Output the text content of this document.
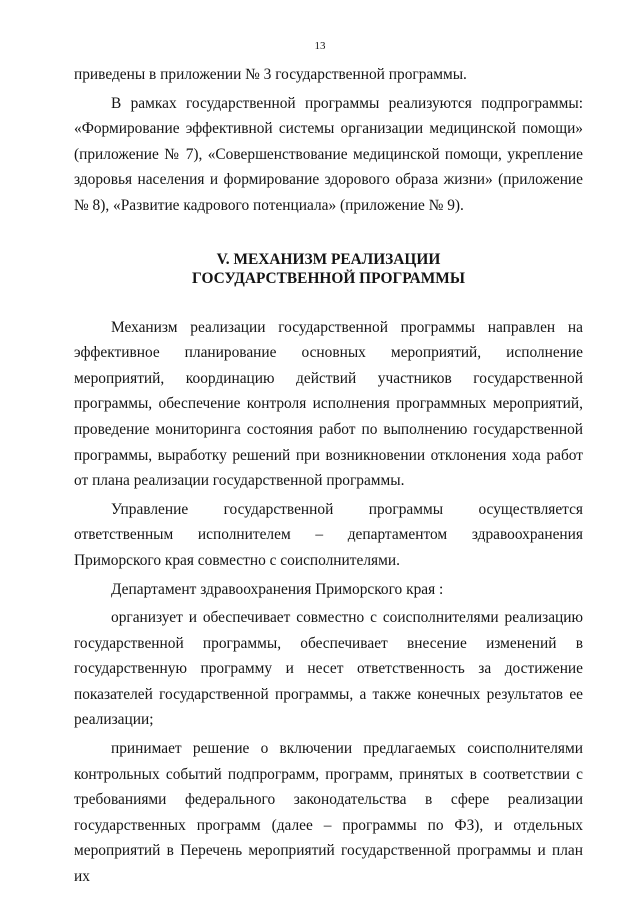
13

приведены в приложении № 3 государственной программы.

В рамках государственной программы реализуются подпрограммы: «Формирование эффективной системы организации медицинской помощи» (приложение № 7), «Совершенствование медицинской помощи, укрепление здоровья населения и формирование здорового образа жизни» (приложение № 8), «Развитие кадрового потенциала» (приложение № 9).

V. МЕХАНИЗМ РЕАЛИЗАЦИИ
ГОСУДАРСТВЕННОЙ ПРОГРАММЫ

Механизм реализации государственной программы направлен на эффективное планирование основных мероприятий, исполнение мероприятий, координацию действий участников государственной программы, обеспечение контроля исполнения программных мероприятий, проведение мониторинга состояния работ по выполнению государственной программы, выработку решений при возникновении отклонения хода работ от плана реализации государственной программы.

Управление государственной программы осуществляется ответственным исполнителем – департаментом здравоохранения Приморского края совместно с соисполнителями.

Департамент здравоохранения Приморского края :

организует и обеспечивает совместно с соисполнителями реализацию государственной программы, обеспечивает внесение изменений в государственную программу и несет ответственность за достижение показателей государственной программы, а также конечных результатов ее реализации;

принимает решение о включении предлагаемых соисполнителями контрольных событий подпрограмм, программ, принятых в соответствии с требованиями федерального законодательства в сфере реализации государственных программ (далее – программы по ФЗ), и отдельных мероприятий в Перечень мероприятий государственной программы и план их
